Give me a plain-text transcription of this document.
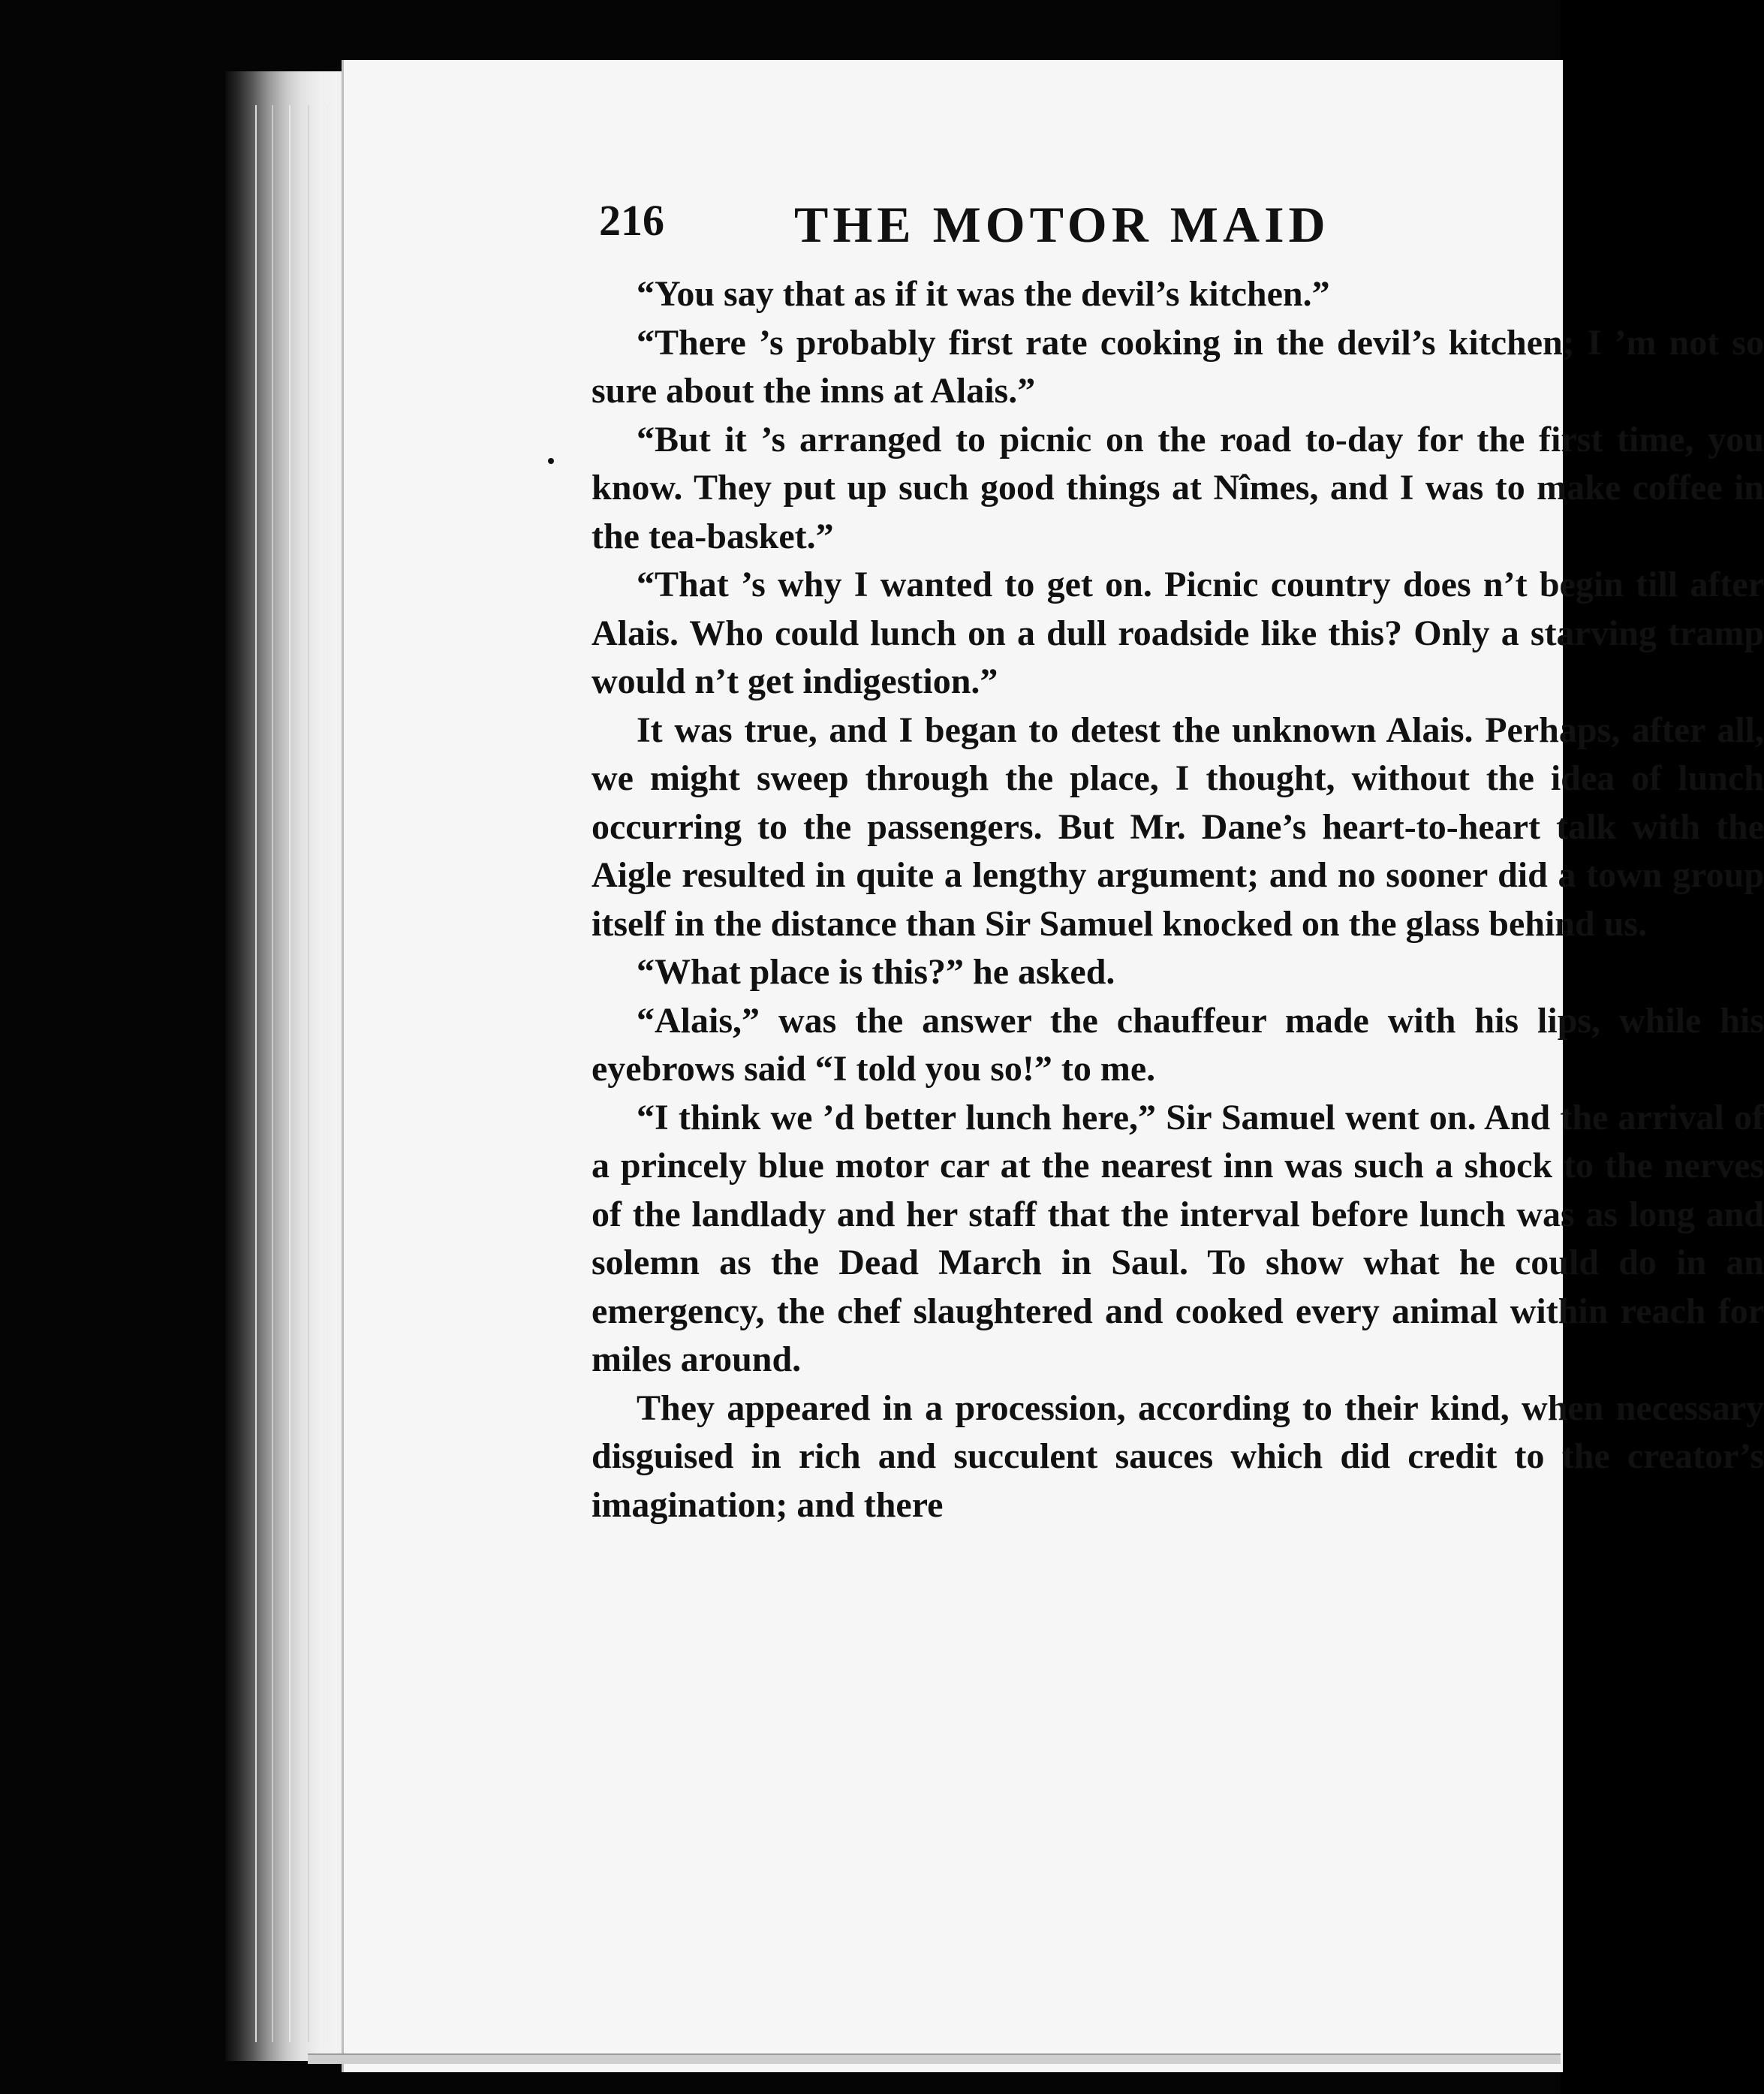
216	THE MOTOR MAID

“You say that as if it was the devil’s kitchen.”

“There ’s probably first rate cooking in the devil’s kitchen; I ’m not so sure about the inns at Alais.”

“But it ’s arranged to picnic on the road to-day for the first time, you know. They put up such good things at Nîmes, and I was to make coffee in the tea-basket.”

“That ’s why I wanted to get on. Picnic country does n’t begin till after Alais. Who could lunch on a dull roadside like this? Only a starving tramp would n’t get indigestion.”

It was true, and I began to detest the unknown Alais. Perhaps, after all, we might sweep through the place, I thought, without the idea of lunch occurring to the passengers. But Mr. Dane’s heart-to-heart talk with the Aigle resulted in quite a lengthy argument; and no sooner did a town group itself in the distance than Sir Samuel knocked on the glass behind us.

“What place is this?” he asked.

“Alais,” was the answer the chauffeur made with his lips, while his eyebrows said “I told you so!” to me.

“I think we ’d better lunch here,” Sir Samuel went on. And the arrival of a princely blue motor car at the nearest inn was such a shock to the nerves of the landlady and her staff that the interval before lunch was as long and solemn as the Dead March in Saul. To show what he could do in an emergency, the chef slaughtered and cooked every animal within reach for miles around.

They appeared in a procession, according to their kind, when necessary disguised in rich and succulent sauces which did credit to the creator’s imagination; and there
